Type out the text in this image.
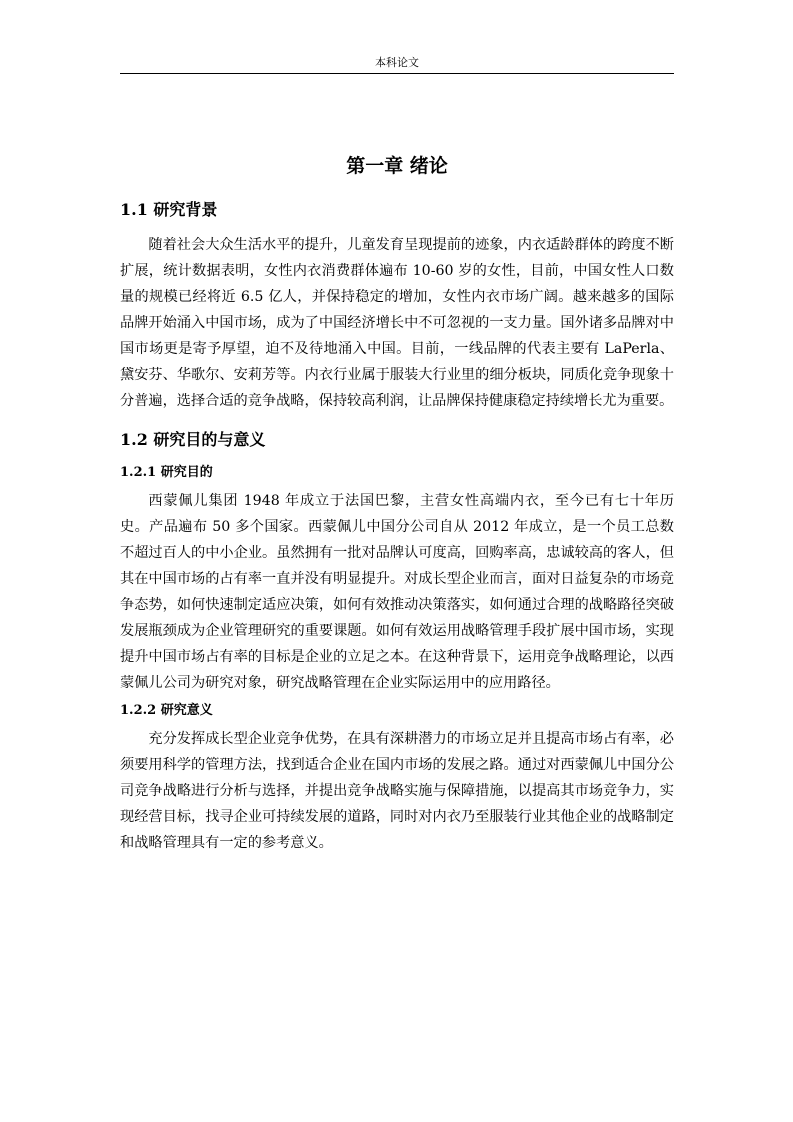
本科论文
第一章 绪论
1.1 研究背景

随着社会大众生活水平的提升，儿童发育呈现提前的迹象，内衣适龄群体的跨度不断扩展，统计数据表明，女性内衣消费群体遍布 10-60 岁的女性，目前，中国女性人口数量的规模已经将近 6.5 亿人，并保持稳定的增加，女性内衣市场广阔。越来越多的国际品牌开始涌入中国市场，成为了中国经济增长中不可忽视的一支力量。国外诸多品牌对中国市场更是寄予厚望，迫不及待地涌入中国。目前，一线品牌的代表主要有 LaPerla、黛安芬、华歌尔、安莉芳等。内衣行业属于服装大行业里的细分板块，同质化竞争现象十分普遍，选择合适的竞争战略，保持较高利润，让品牌保持健康稳定持续增长尤为重要。

1.2 研究目的与意义
1.2.1 研究目的

西蒙佩儿集团 1948 年成立于法国巴黎，主营女性高端内衣，至今已有七十年历史。产品遍布 50 多个国家。西蒙佩儿中国分公司自从 2012 年成立，是一个员工总数不超过百人的中小企业。虽然拥有一批对品牌认可度高，回购率高，忠诚较高的客人，但其在中国市场的占有率一直并没有明显提升。对成长型企业而言，面对日益复杂的市场竞争态势，如何快速制定适应决策，如何有效推动决策落实，如何通过合理的战略路径突破发展瓶颈成为企业管理研究的重要课题。如何有效运用战略管理手段扩展中国市场，实现提升中国市场占有率的目标是企业的立足之本。在这种背景下，运用竞争战略理论，以西蒙佩儿公司为研究对象，研究战略管理在企业实际运用中的应用路径。

1.2.2 研究意义

充分发挥成长型企业竞争优势，在具有深耕潜力的市场立足并且提高市场占有率，必须要用科学的管理方法，找到适合企业在国内市场的发展之路。通过对西蒙佩儿中国分公司竞争战略进行分析与选择，并提出竞争战略实施与保障措施，以提高其市场竞争力，实现经营目标，找寻企业可持续发展的道路，同时对内衣乃至服装行业其他企业的战略制定和战略管理具有一定的参考意义。
